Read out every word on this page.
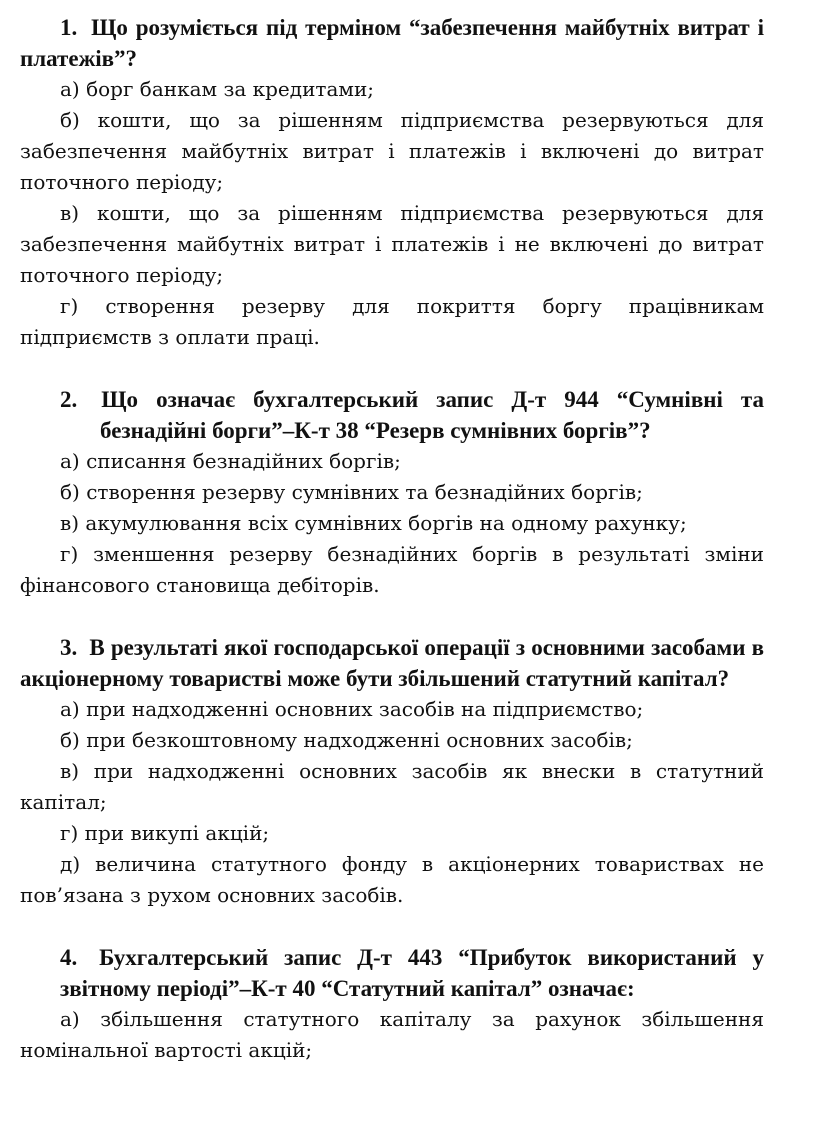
1. Що розуміється під терміном “забезпечення майбутніх витрат і платежів”?

а) борг банкам за кредитами;

б) кошти, що за рішенням підприємства резервуються для забезпечення майбутніх витрат і платежів і включені до витрат поточного періоду;

в) кошти, що за рішенням підприємства резервуються для забезпечення майбутніх витрат і платежів і не включені до витрат поточного періоду;

г) створення резерву для покриття боргу працівникам підприємств з оплати праці.

2. Що означає бухгалтерський запис Д-т 944 “Сумнівні та безнадійні борги”–К-т 38 “Резерв сумнівних боргів”?

а) списання безнадійних боргів;

б) створення резерву сумнівних та безнадійних боргів;

в) акумулювання всіх сумнівних боргів на одному рахунку;

г) зменшення резерву безнадійних боргів в результаті зміни фінансового становища дебіторів.

3. В результаті якої господарської операції з основними засобами в акціонерному товаристві може бути збільшений статутний капітал?

а) при надходженні основних засобів на підприємство;

б) при безкоштовному надходженні основних засобів;

в) при надходженні основних засобів як внески в статутний капітал;

г) при викупі акцій;

д) величина статутного фонду в акціонерних товариствах не пов’язана з рухом основних засобів.

4. Бухгалтерський запис Д-т 443 “Прибуток використаний у звітному періоді”–К-т 40 “Статутний капітал” означає:

а) збільшення статутного капіталу за рахунок збільшення номінальної вартості акцій;
